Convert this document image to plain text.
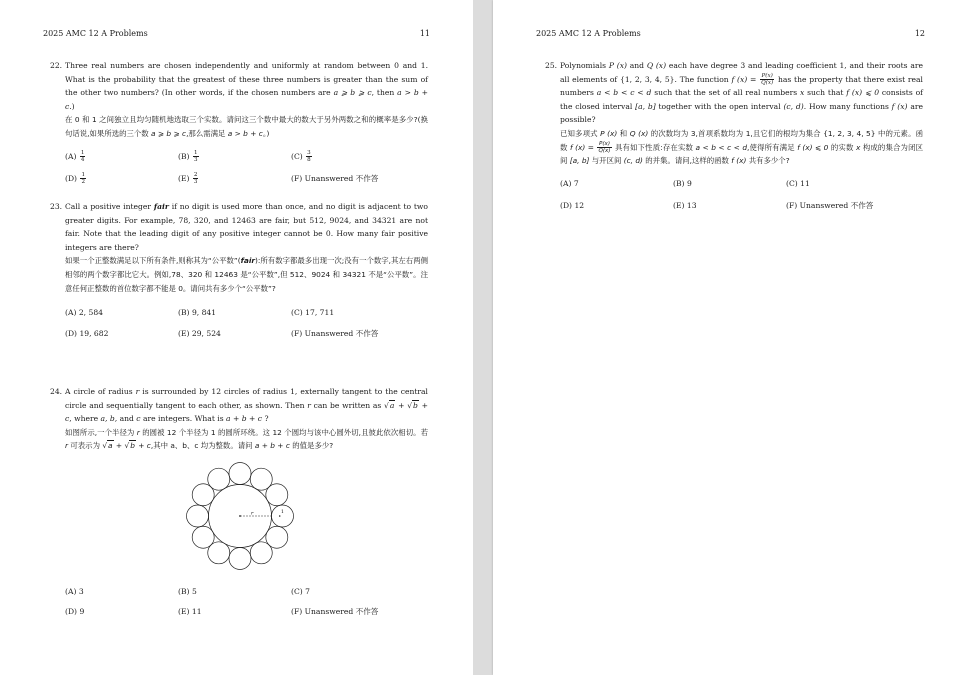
2025 AMC 12 A Problems	11
22. Three real numbers are chosen independently and uniformly at random between 0 and 1. What is the probability that the greatest of these three numbers is greater than the sum of the other two numbers? (In other words, if the chosen numbers are a ⩾ b ⩾ c, then a > b + c.)

在 0 和 1 之间独立且均匀随机地选取三个实数。请问这三个数中最大的数大于另外两数之和的概率是多少?(换句话说,如果所选的三个数 a ⩾ b ⩾ c,那么需满足 a > b + c。)

$(A) \frac{1}{4}$	$(B) \frac{1}{3}$	$(C) \frac{3}{8}$
$(D) \frac{1}{2}$	$(E) \frac{2}{3}$	(F) Unanswered 不作答
23. Call a positive integer fair if no digit is used more than once, and no digit is adjacent to two greater digits. For example, 78, 320, and 12463 are fair, but 512, 9024, and 34321 are not fair. Note that the leading digit of any positive integer cannot be 0. How many fair positive integers are there?

如果一个正整数满足以下所有条件,则称其为“公平数”(fair):所有数字都最多出现一次;没有一个数字,其左右两侧相邻的两个数字都比它大。例如,78、320 和 12463 是“公平数”,但 512、9024 和 34321 不是“公平数”。注意任何正整数的首位数字都不能是 0。请问共有多少个“公平数”?

(A) 2, 584	(B) 9, 841	(C) 17, 711
(D) 19, 682	(E) 29, 524	(F) Unanswered 不作答
24. A circle of radius r is surrounded by 12 circles of radius 1, externally tangent to the central circle and sequentially tangent to each other, as shown. Then r can be written as √a + √b + c, where a, b, and c are integers. What is a + b + c ?

如图所示,一个半径为 r 的圆被 12 个半径为 1 的圆所环绕。这 12 个圆均与该中心圆外切,且彼此依次相切。若 r 可表示为 √a + √b + c,其中 a、b、c 均为整数。请问 a + b + c 的值是多少?

r	1
(A) 3	(B) 5	(C) 7
(D) 9	(E) 11	(F) Unanswered 不作答
2025 AMC 12 A Problems	12
25. Polynomials P (x) and Q (x) each have degree 3 and leading coefficient 1, and their roots are all elements of {1, 2, 3, 4, 5}. The function f $(x) = \frac{P(x)}{Q(x)}$ has the property that there exist real numbers a < b < c < d such that the set of all real numbers x such that f (x) ⩽ 0 consists of the closed interval [a, b] together with the open interval (c, d). How many functions f (x) are possible?

已知多项式 P (x) 和 Q (x) 的次数均为 3,首项系数均为 1,且它们的根均为集合 {1, 2, 3, 4, 5} 中的元素。函数 f $(x) = \frac{P(x)}{Q(x)}$ 具有如下性质:存在实数 a < b < c < d,使得所有满足 f (x) ⩽ 0 的实数 x 构成的集合为闭区间 [a, b] 与开区间 (c, d) 的并集。请问,这样的函数 f (x) 共有多少个?

(A) 7	(B) 9	(C) 11
(D) 12	(E) 13	(F) Unanswered 不作答
